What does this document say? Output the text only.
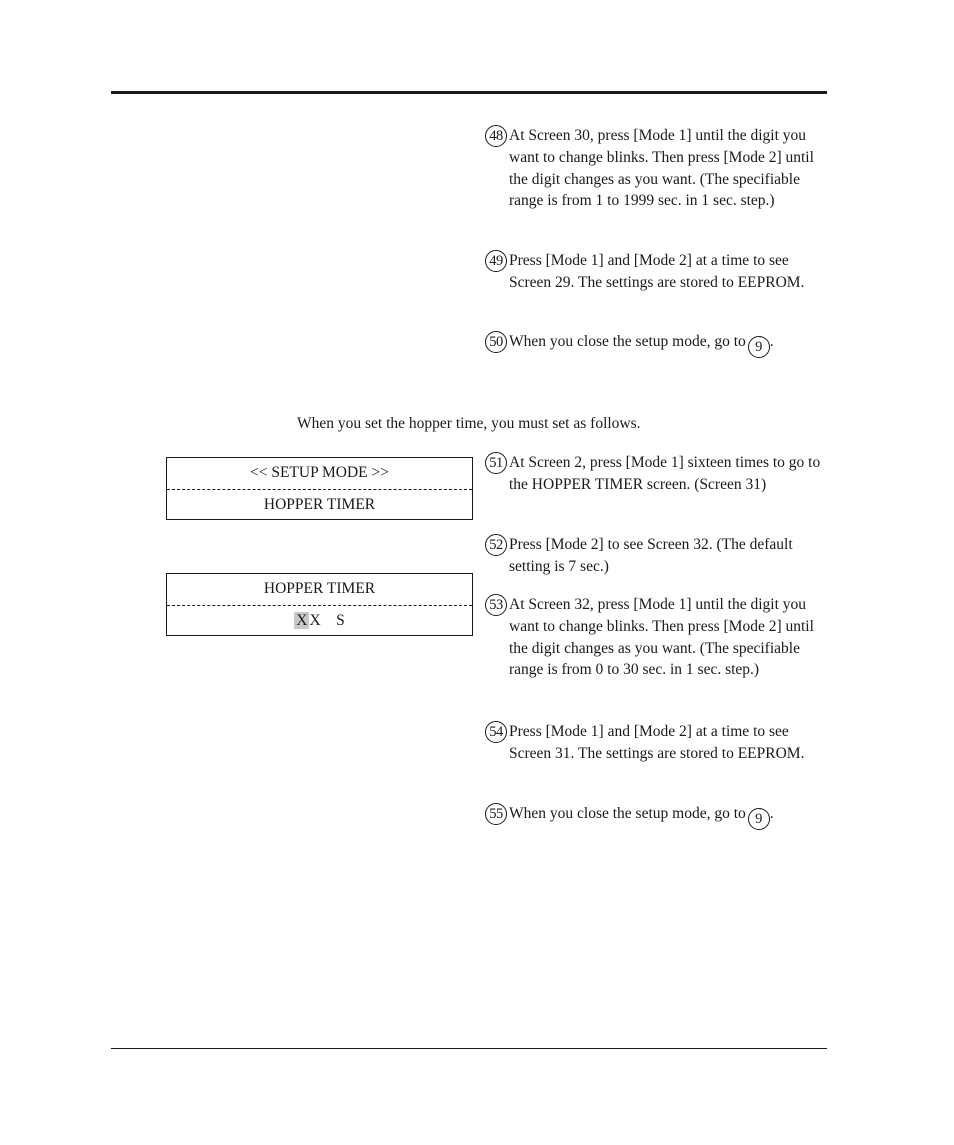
48 At Screen 30, press [Mode 1] until the digit you want to change blinks. Then press [Mode 2] until the digit changes as you want. (The specifiable range is from 1 to 1999 sec. in 1 sec. step.)
49 Press [Mode 1] and [Mode 2] at a time to see Screen 29. The settings are stored to EEPROM.
50 When you close the setup mode, go to 9 .
When you set the hopper time, you must set as follows.
<< SETUP MODE >>
HOPPER TIMER
HOPPER TIMER
X X S
51 At Screen 2, press [Mode 1] sixteen times to go to the HOPPER TIMER screen. (Screen 31)
52 Press [Mode 2] to see Screen 32. (The default setting is 7 sec.)
53 At Screen 32, press [Mode 1] until the digit you want to change blinks. Then press [Mode 2] until the digit changes as you want. (The specifiable range is from 0 to 30 sec. in 1 sec. step.)
54 Press [Mode 1] and [Mode 2] at a time to see Screen 31. The settings are stored to EEPROM.
55 When you close the setup mode, go to 9 .
